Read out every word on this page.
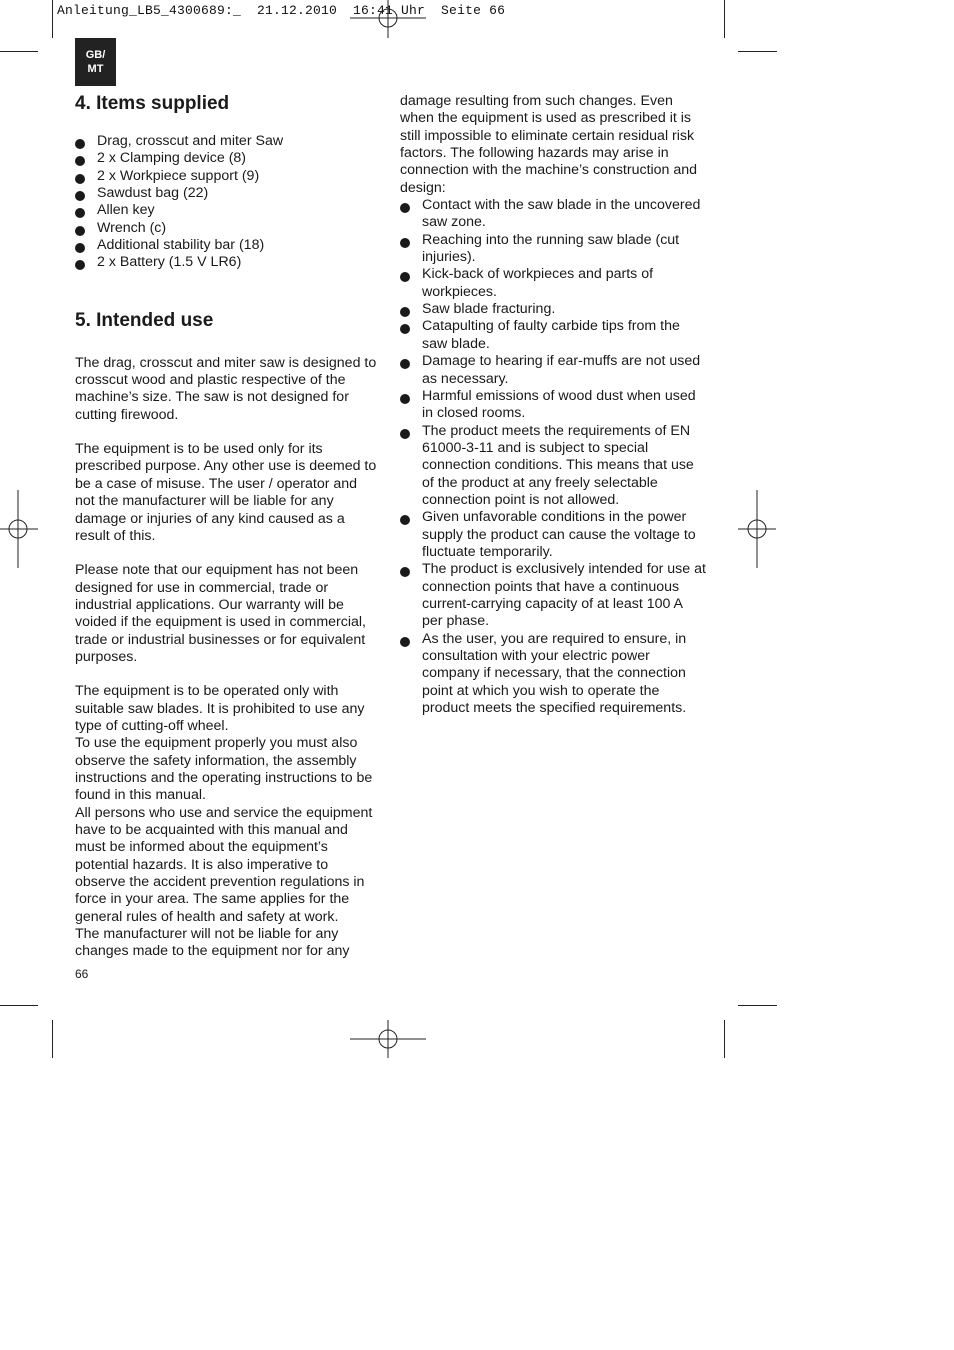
Anleitung_LB5_4300689:_  21.12.2010  16:41 Uhr  Seite 66
GB/
MT
4. Items supplied
Drag, crosscut and miter Saw
2 x Clamping device (8)
2 x Workpiece support (9)
Sawdust bag (22)
Allen key
Wrench (c)
Additional stability bar (18)
2 x Battery (1.5 V LR6)
5. Intended use

The drag, crosscut and miter saw is designed to crosscut wood and plastic respective of the machine’s size. The saw is not designed for cutting firewood.

The equipment is to be used only for its prescribed purpose. Any other use is deemed to be a case of misuse. The user / operator and not the manufacturer will be liable for any damage or injuries of any kind caused as a result of this.

Please note that our equipment has not been designed for use in commercial, trade or industrial applications. Our warranty will be voided if the equipment is used in commercial, trade or industrial businesses or for equivalent purposes.

The equipment is to be operated only with suitable saw blades. It is prohibited to use any type of cutting-off wheel.

To use the equipment properly you must also observe the safety information, the assembly instructions and the operating instructions to be found in this manual.

All persons who use and service the equipment have to be acquainted with this manual and must be informed about the equipment’s potential hazards. It is also imperative to observe the accident prevention regulations in force in your area. The same applies for the general rules of health and safety at work.

The manufacturer will not be liable for any changes made to the equipment nor for any

damage resulting from such changes. Even when the equipment is used as prescribed it is still impossible to eliminate certain residual risk factors. The following hazards may arise in connection with the machine’s construction and design:

Contact with the saw blade in the uncovered saw zone.
Reaching into the running saw blade (cut injuries).
Kick-back of workpieces and parts of workpieces.
Saw blade fracturing.
Catapulting of faulty carbide tips from the saw blade.
Damage to hearing if ear-muffs are not used as necessary.
Harmful emissions of wood dust when used in closed rooms.
The product meets the requirements of EN 61000-3-11 and is subject to special connection conditions. This means that use of the product at any freely selectable connection point is not allowed.
Given unfavorable conditions in the power supply the product can cause the voltage to fluctuate temporarily.
The product is exclusively intended for use at connection points that have a continuous current-carrying capacity of at least 100 A per phase.
As the user, you are required to ensure, in consultation with your electric power company if necessary, that the connection point at which you wish to operate the product meets the specified requirements.
66
